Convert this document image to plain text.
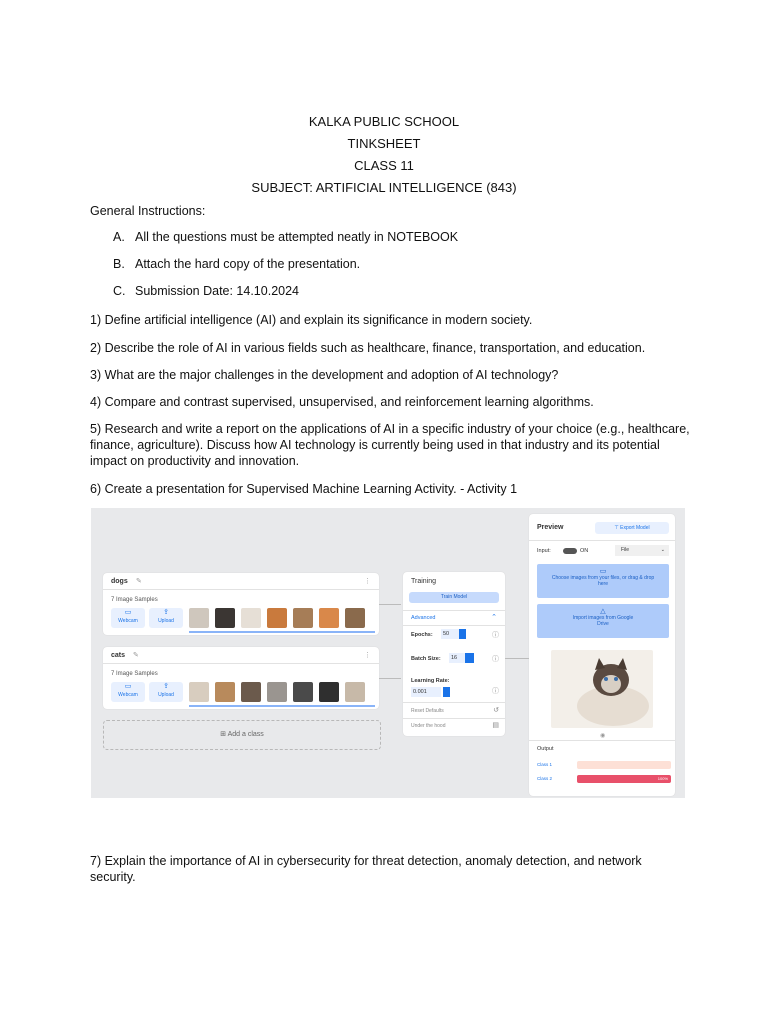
KALKA PUBLIC SCHOOL
TINKSHEET
CLASS 11
SUBJECT: ARTIFICIAL INTELLIGENCE (843)
General Instructions:
A. All the questions must be attempted neatly in NOTEBOOK
B. Attach the hard copy of the presentation.
C. Submission Date: 14.10.2024
1) Define artificial intelligence (AI) and explain its significance in modern society.
2) Describe the role of AI in various fields such as healthcare, finance, transportation, and education.
3) What are the major challenges in the development and adoption of AI technology?
4) Compare and contrast supervised, unsupervised, and reinforcement learning algorithms.
5) Research and write a report on the applications of AI in a specific industry of your choice (e.g., healthcare, finance, agriculture). Discuss how AI technology is currently being used in that industry and its potential impact on productivity and innovation.
6) Create a presentation for Supervised Machine Learning Activity. - Activity 1
dogs ✎	⋮
7 Image Samples
▭
Webcam
⇪
Upload
cats ✎	⋮
7 Image Samples
▭
Webcam
⇪
Upload
⊞ Add a class
Training
Train Model
Advanced	⌃
Epochs:	50	ⓘ
Batch Size:	16	ⓘ
Learning Rate:
0.001	ⓘ
Reset Defaults	↺
Under the hood	▤
Preview	⊤ Export Model
Input:	ON	File	⌄
▭
Choose images from your files, or drag & drop here
△
Import images from Google Drive
◉
Output
Class 1
Class 2	100%
7) Explain the importance of AI in cybersecurity for threat detection, anomaly detection, and network security.
